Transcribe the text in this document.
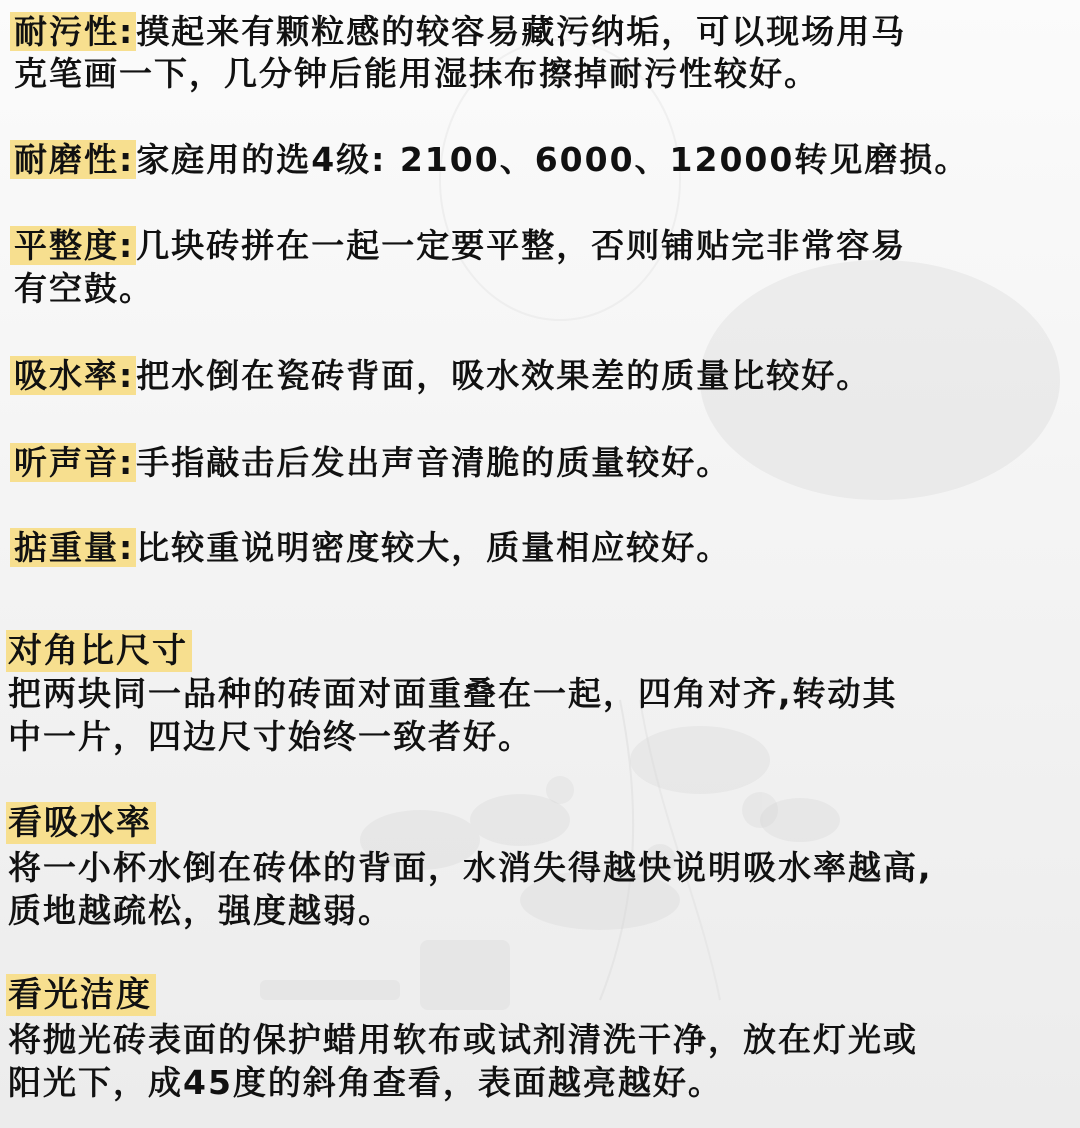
耐污性:摸起来有颗粒感的较容易藏污纳垢，可以现场用马
克笔画一下，几分钟后能用湿抹布擦掉耐污性较好。
耐磨性:家庭用的选4级: 2100、6000、12000转见磨损。
平整度:几块砖拼在一起一定要平整，否则铺贴完非常容易
有空鼓。
吸水率:把水倒在瓷砖背面，吸水效果差的质量比较好。
听声音:手指敲击后发出声音清脆的质量较好。
掂重量:比较重说明密度较大，质量相应较好。
对角比尺寸
把两块同一品种的砖面对面重叠在一起，四角对齐,转动其
中一片，四边尺寸始终一致者好。
看吸水率
将一小杯水倒在砖体的背面，水消失得越快说明吸水率越高,
质地越疏松，强度越弱。
看光洁度
将抛光砖表面的保护蜡用软布或试剂清洗干净，放在灯光或
阳光下，成45度的斜角查看，表面越亮越好。
